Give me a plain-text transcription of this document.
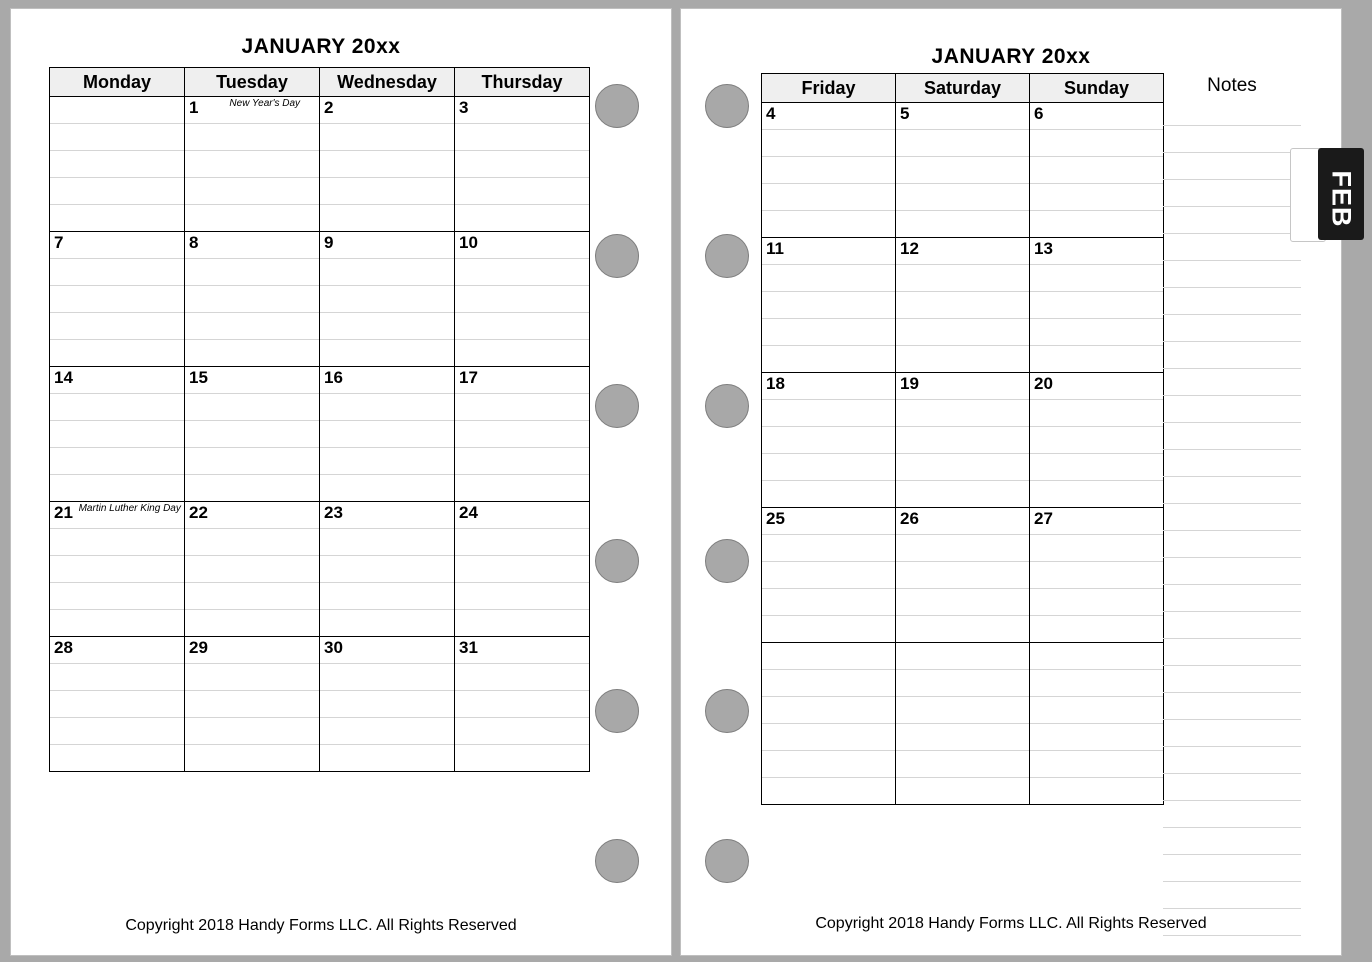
JANUARY 20xx
Monday	Tuesday	Wednesday	Thursday
	1 New Year's Day	2	3

7	8	9	10

14	15	16	17

21 Martin Luther King Day	22	23	24

28	29	30	31

Copyright 2018 Handy Forms LLC. All Rights Reserved
JANUARY 20xx
Friday	Saturday	Sunday
4	5	6

11	12	13

18	19	20

25	26	27

Notes
Copyright 2018 Handy Forms LLC. All Rights Reserved
FEB
